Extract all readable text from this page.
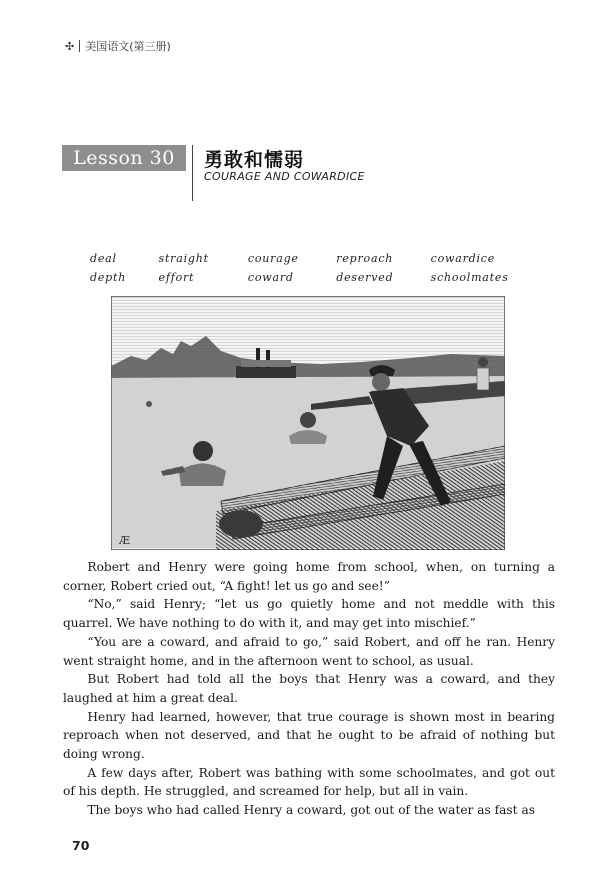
✣ 美国语文(第三册)
Lesson 30	勇敢和懦弱
COURAGE AND COWARDICE
deal	straight	courage	reproach	cowardice
depth	effort	coward	deserved	schoolmates
Æ

Robert and Henry were going home from school, when, on turning a corner, Robert cried out, “A fight! let us go and see!”

“No,” said Henry; “let us go quietly home and not meddle with this quarrel. We have nothing to do with it, and may get into mischief.”

“You are a coward, and afraid to go,” said Robert, and off he ran. Henry went straight home, and in the afternoon went to school, as usual.

But Robert had told all the boys that Henry was a coward, and they laughed at him a great deal.

Henry had learned, however, that true courage is shown most in bearing reproach when not deserved, and that he ought to be afraid of nothing but doing wrong.

A few days after, Robert was bathing with some schoolmates, and got out of his depth. He struggled, and screamed for help, but all in vain.

The boys who had called Henry a coward, got out of the water as fast as

70
